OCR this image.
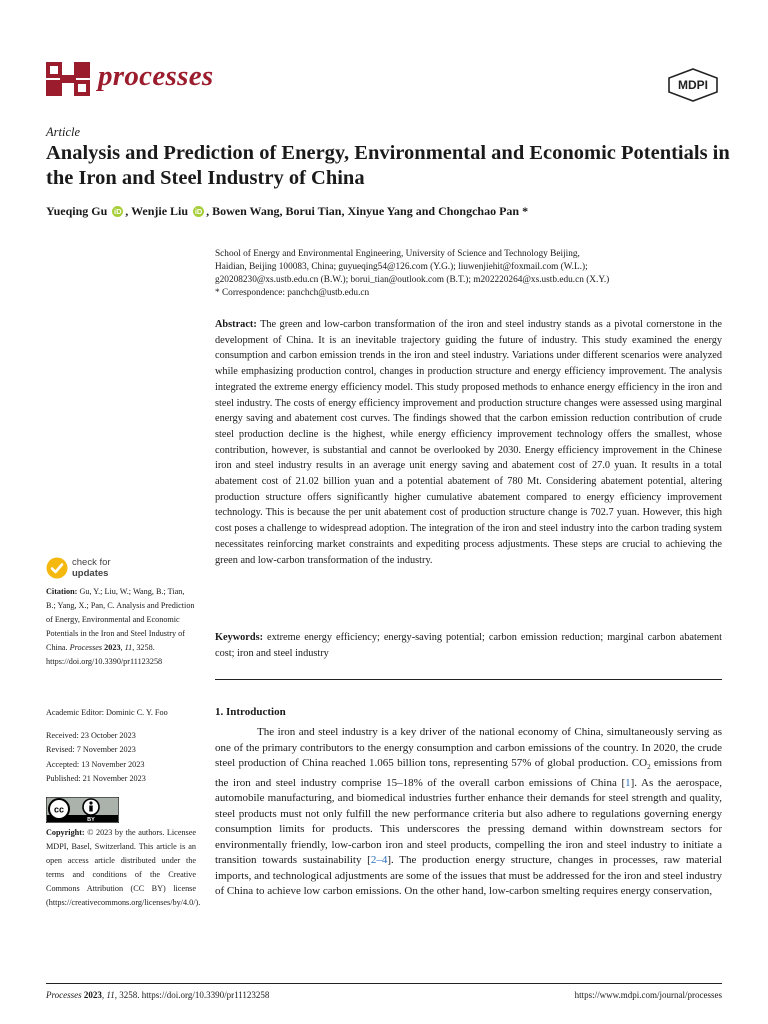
processes	MDPI
Article
Analysis and Prediction of Energy, Environmental and Economic Potentials in the Iron and Steel Industry of China
Yueqing Gu iD , Wenjie Liu iD , Bowen Wang, Borui Tian, Xinyue Yang and Chongchao Pan *
School of Energy and Environmental Engineering, University of Science and Technology Beijing,
Haidian, Beijing 100083, China; guyueqing54@126.com (Y.G.); liuwenjiehit@foxmail.com (W.L.);
g20208230@xs.ustb.edu.cn (B.W.); borui_tian@outlook.com (B.T.); m202220264@xs.ustb.edu.cn (X.Y.)
* Correspondence: panchch@ustb.edu.cn

Abstract: The green and low-carbon transformation of the iron and steel industry stands as a pivotal cornerstone in the development of China. It is an inevitable trajectory guiding the future of industry. This study examined the energy consumption and carbon emission trends in the iron and steel industry. Variations under different scenarios were analyzed while emphasizing production control, changes in production structure and energy efficiency improvement. The analysis integrated the extreme energy efficiency model. This study proposed methods to enhance energy efficiency in the iron and steel industry. The costs of energy efficiency improvement and production structure changes were assessed using marginal energy saving and abatement cost curves. The findings showed that the carbon emission reduction contribution of crude steel production decline is the highest, while energy efficiency improvement technology offers the smallest, whose contribution, however, is substantial and cannot be overlooked by 2030. Energy efficiency improvement in the Chinese iron and steel industry results in an average unit energy saving and abatement cost of 27.0 yuan. It results in a total abatement cost of 21.02 billion yuan and a potential abatement of 780 Mt. Considering abatement potential, altering production structure offers significantly higher cumulative abatement compared to energy efficiency improvement technology. This is because the per unit abatement cost of production structure change is 702.7 yuan. However, this high cost poses a challenge to widespread adoption. The integration of the iron and steel industry into the carbon trading system necessitates reinforcing market constraints and expediting process adjustments. These steps are crucial to achieving the green and low-carbon transformation of the industry.

Keywords: extreme energy efficiency; energy-saving potential; carbon emission reduction; marginal carbon abatement cost; iron and steel industry

1. Introduction

The iron and steel industry is a key driver of the national economy of China, simultaneously serving as one of the primary contributors to the energy consumption and carbon emissions of the country. In 2020, the crude steel production of China reached 1.065 billion tons, representing 57% of global production. $CO_2$ emissions from the iron and steel industry comprise 15–18% of the overall carbon emissions of China [1]. As the aerospace, automobile manufacturing, and biomedical industries further enhance their demands for steel strength and quality, steel products must not only fulfill the new performance criteria but also adhere to regulations governing energy consumption limits for products. This underscores the pressing demand within downstream sectors for environmentally friendly, low-carbon iron and steel products, compelling the iron and steel industry to initiate a transition towards sustainability [2–4]. The production energy structure, changes in processes, raw material imports, and technological adjustments are some of the issues that must be addressed for the iron and steel industry of China to achieve low carbon emissions. On the other hand, low-carbon smelting requires energy conservation,

check for
updates

Citation: Gu, Y.; Liu, W.; Wang, B.; Tian, B.; Yang, X.; Pan, C. Analysis and Prediction of Energy, Environmental and Economic Potentials in the Iron and Steel Industry of China. Processes 2023, 11, 3258. https://doi.org/10.3390/pr11123258

Academic Editor: Dominic C. Y. Foo

Received: 23 October 2023
Revised: 7 November 2023
Accepted: 13 November 2023
Published: 21 November 2023
cc
BY

Copyright: © 2023 by the authors. Licensee MDPI, Basel, Switzerland. This article is an open access article distributed under the terms and conditions of the Creative Commons Attribution (CC BY) license (https://creativecommons.org/licenses/by/4.0/).

Processes 2023, 11, 3258. https://doi.org/10.3390/pr11123258	https://www.mdpi.com/journal/processes
